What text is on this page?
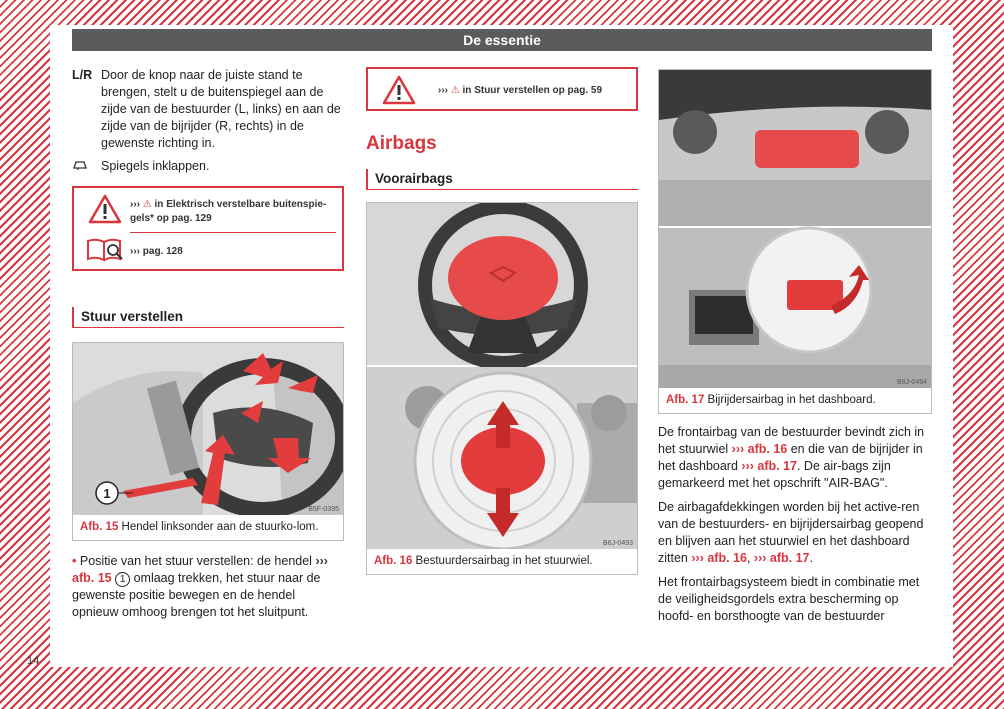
De essentie
L/R Door de knop naar de juiste stand te brengen, stelt u de buitenspiegel aan de zijde van de bestuurder (L, links) en aan de zijde van de bijrijder (R, rechts) in de gewenste richting in.
Spiegels inklappen.
››› ⚠ in Elektrisch verstelbare buitenspie-gels* op pag. 129
››› pag. 128
Stuur verstellen
1
B5F-0395
Afb. 15 Hendel linksonder aan de stuurko-lom.

• Positie van het stuur verstellen: de hendel ››› afb. 15 1 omlaag trekken, het stuur naar de gewenste positie bewegen en de hendel opnieuw omhoog brengen tot het sluitpunt.

››› ⚠ in Stuur verstellen op pag. 59
Airbags
Voorairbags
B6J-0493
Afb. 16 Bestuurdersairbag in het stuurwiel.
B6J-0494
Afb. 17 Bijrijdersairbag in het dashboard.

De frontairbag van de bestuurder bevindt zich in het stuurwiel ››› afb. 16 en die van de bijrijder in het dashboard ››› afb. 17. De air-bags zijn gemarkeerd met het opschrift "AIR-BAG".

De airbagafdekkingen worden bij het active-ren van de bestuurders- en bijrijdersairbag geopend en blijven aan het stuurwiel en het dashboard zitten ››› afb. 16, ››› afb. 17.

Het frontairbagsysteem biedt in combinatie met de veiligheidsgordels extra bescherming op hoofd- en borsthoogte van de bestuurder

14
